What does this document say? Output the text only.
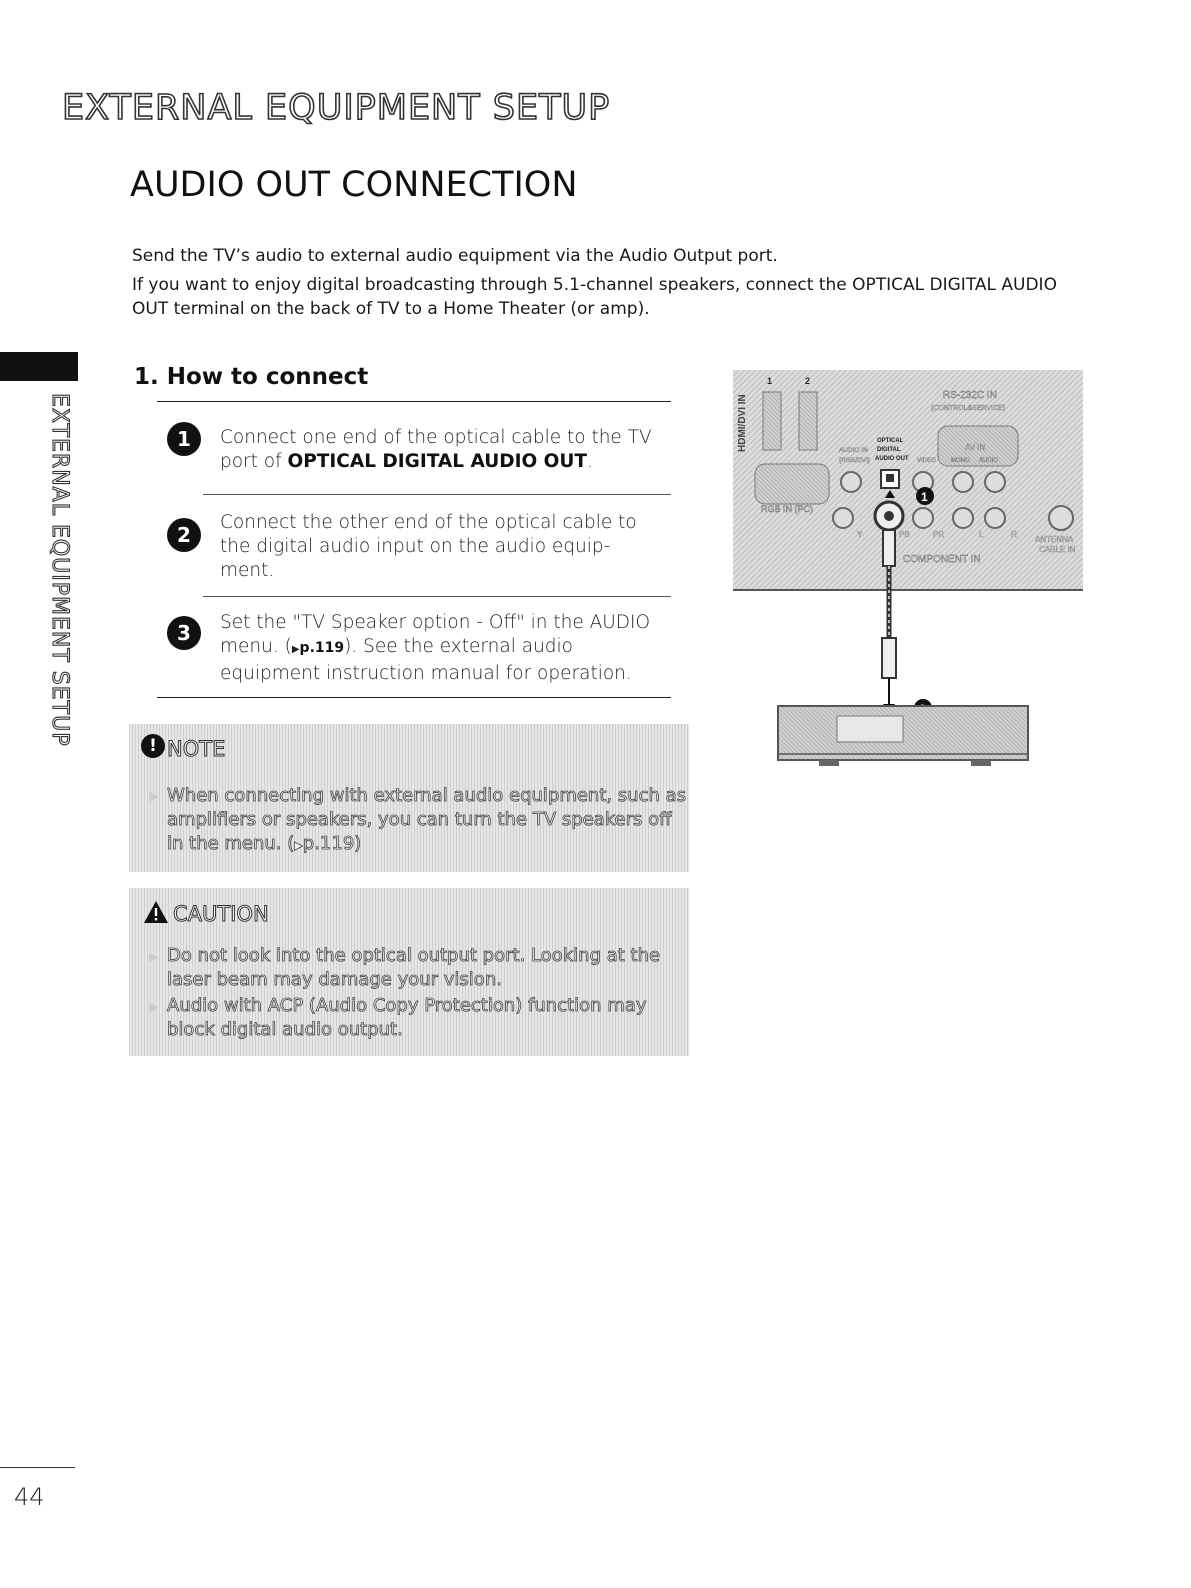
EXTERNAL EQUIPMENT SETUP
AUDIO OUT CONNECTION
Send the TV’s audio to external audio equipment via the Audio Output port.
If you want to enjoy digital broadcasting through 5.1-channel speakers, connect the OPTICAL DIGITAL AUDIO OUT terminal on the back of TV to a Home Theater (or amp).
EXTERNAL EQUIPMENT SETUP
1. How to connect
1	Connect one end of the optical cable to the TV port of OPTICAL DIGITAL AUDIO OUT.
2
Connect the other end of the optical cable to the digital audio input on the audio equip-ment.
3	Set the "TV Speaker option - Off" in the AUDIO menu. (▶p.119). See the external audio equipment instruction manual for operation.
! NOTE
▶ When connecting with external audio equipment, such as amplifiers or speakers, you can turn the TV speakers off in the menu. (▶p.119)
CAUTION
▶ Do not look into the optical output port. Looking at the laser beam may damage your vision.
▶ Audio with ACP (Audio Copy Protection) function may block digital audio output.
HDMI/DVI IN
1	2
RS-232C IN
(CONTROL&SERVICE)
AUDIO IN
(RGB/DVI)
OPTICAL
DIGITAL
AUDIO OUT
AV IN
VIDEO	MONO AUDIO
RGB IN (PC)
1
Y	PB	PR	L	R
COMPONENT IN
ANTENNA
CABLE IN
44
